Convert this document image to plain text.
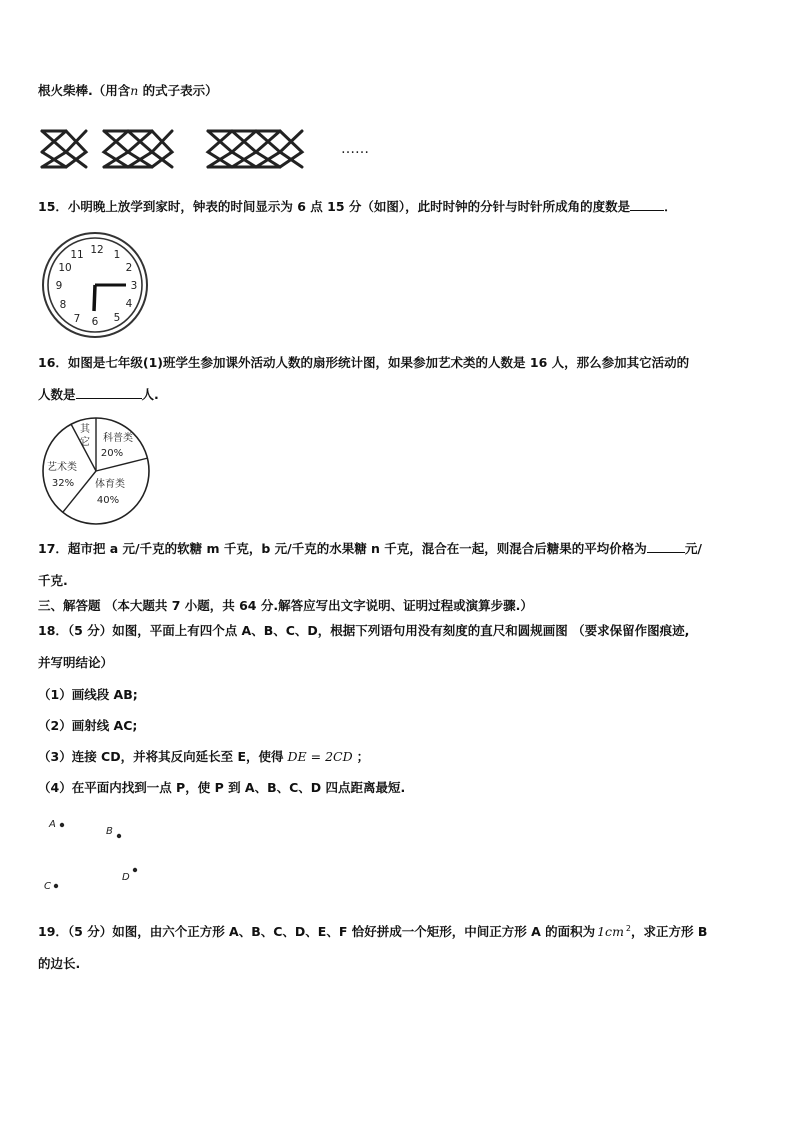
根火柴棒.（用含n 的式子表示）
……
15．小明晚上放学到家时，钟表的时间显示为 6 点 15 分（如图），此时时钟的分针与时针所成角的度数是	．
12 1
2
3
4
5
6
7
8
9
10
11
16．如图是七年级(1)班学生参加课外活动人数的扇形统计图，如果参加艺术类的人数是 16 人，那么参加其它活动的
人数是	人.
其
它 科普类
20%
艺术类
32% 体育类
40%
17．超市把 a 元/千克的软糖 m 千克，b 元/千克的水果糖 n 千克，混合在一起，则混合后糖果的平均价格为	元/
千克.
三、解答题 （本大题共 7 小题，共 64 分.解答应写出文字说明、证明过程或演算步骤.）
18．（5 分）如图，平面上有四个点 A、B、C、D，根据下列语句用没有刻度的直尺和圆规画图 （要求保留作图痕迹,
并写明结论）
（1）画线段 AB;
（2）画射线 AC;
（3）连接 CD，并将其反向延长至 E，使得 DE = 2CD ；
（4）在平面内找到一点 P，使 P 到 A、B、C、D 四点距离最短.
A
B
C
D
19．（5 分）如图，由六个正方形 A、B、C、D、E、F 恰好拼成一个矩形，中间正方形 A 的面积为 1cm $^2$，求正方形 B
的边长.
